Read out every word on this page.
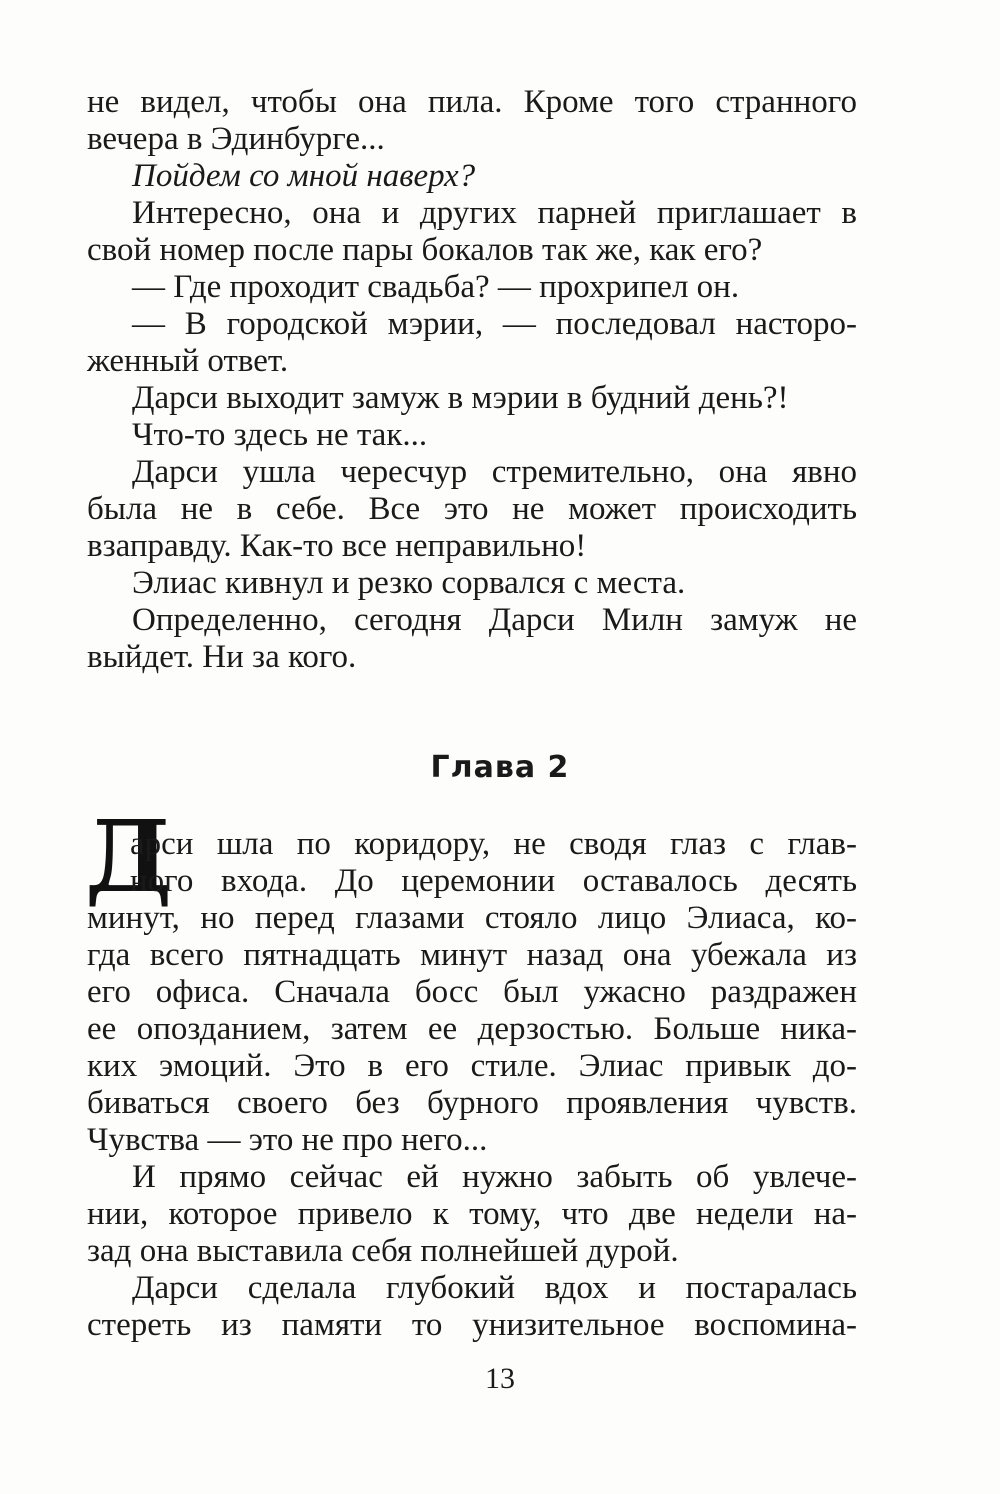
не видел, чтобы она пила. Кроме того странного
вечера в Эдинбурге...
Пойдем со мной наверх?
Интересно, она и других парней приглашает в
свой номер после пары бокалов так же, как его?
— Где проходит свадьба? — прохрипел он.
— В городской мэрии, — последовал насторо-
женный ответ.
Дарси выходит замуж в мэрии в будний день?!
Что-то здесь не так...
Дарси ушла чересчур стремительно, она явно
была не в себе. Все это не может происходить
взаправду. Как-то все неправильно!
Элиас кивнул и резко сорвался с места.
Определенно, сегодня Дарси Милн замуж не
выйдет. Ни за кого.
Глава 2
Д
арси шла по коридору, не сводя глаз с глав-
ного входа. До церемонии оставалось десять
минут, но перед глазами стояло лицо Элиаса, ко-
гда всего пятнадцать минут назад она убежала из
его офиса. Сначала босс был ужасно раздражен
ее опозданием, затем ее дерзостью. Больше ника-
ких эмоций. Это в его стиле. Элиас привык до-
биваться своего без бурного проявления чувств.
Чувства — это не про него...
И прямо сейчас ей нужно забыть об увлече-
нии, которое привело к тому, что две недели на-
зад она выставила себя полнейшей дурой.
Дарси сделала глубокий вдох и постаралась
стереть из памяти то унизительное воспомина-
13
